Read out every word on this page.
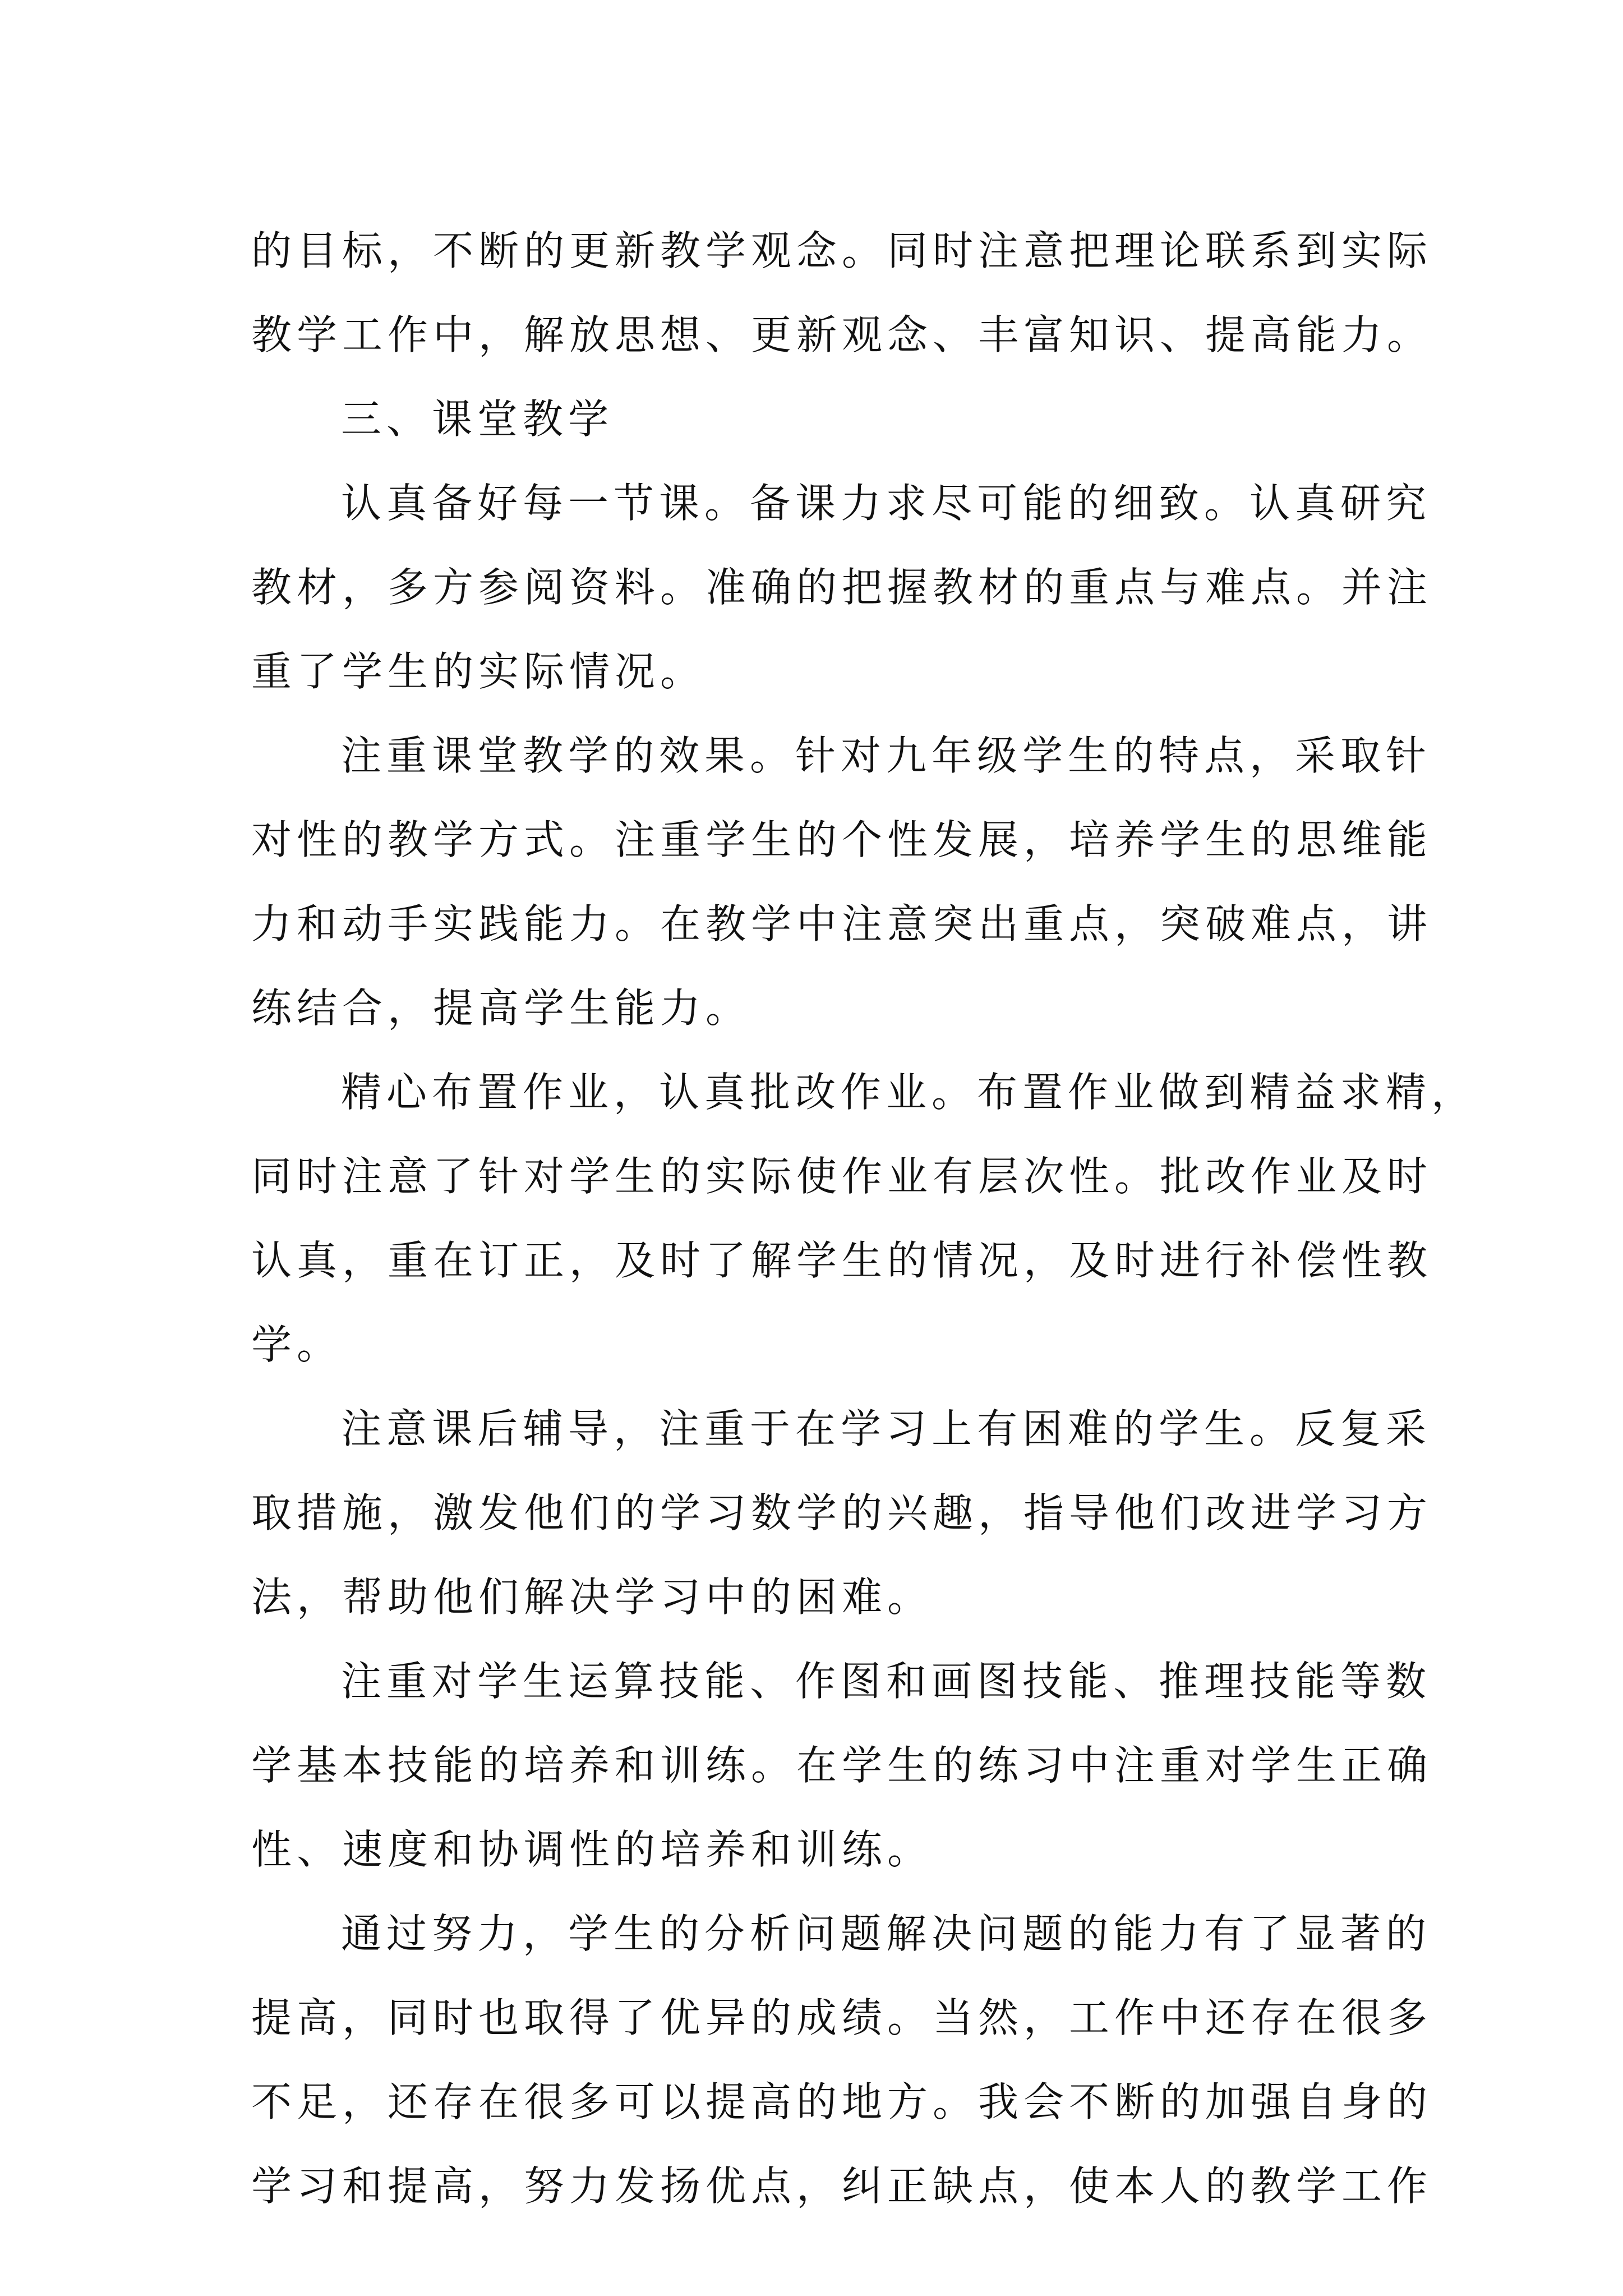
的目标，不断的更新教学观念。同时注意把理论联系到实际
教学工作中，解放思想、更新观念、丰富知识、提高能力。
三、课堂教学
认真备好每一节课。备课力求尽可能的细致。认真研究
教材，多方参阅资料。准确的把握教材的重点与难点。并注
重了学生的实际情况。
注重课堂教学的效果。针对九年级学生的特点，采取针
对性的教学方式。注重学生的个性发展，培养学生的思维能
力和动手实践能力。在教学中注意突出重点，突破难点，讲
练结合，提高学生能力。
精心布置作业，认真批改作业。布置作业做到精益求精，
同时注意了针对学生的实际使作业有层次性。批改作业及时
认真，重在订正，及时了解学生的情况，及时进行补偿性教
学。
注意课后辅导，注重于在学习上有困难的学生。反复采
取措施，激发他们的学习数学的兴趣，指导他们改进学习方
法，帮助他们解决学习中的困难。
注重对学生运算技能、作图和画图技能、推理技能等数
学基本技能的培养和训练。在学生的练习中注重对学生正确
性、速度和协调性的培养和训练。
通过努力，学生的分析问题解决问题的能力有了显著的
提高，同时也取得了优异的成绩。当然，工作中还存在很多
不足，还存在很多可以提高的地方。我会不断的加强自身的
学习和提高，努力发扬优点，纠正缺点，使本人的教学工作
